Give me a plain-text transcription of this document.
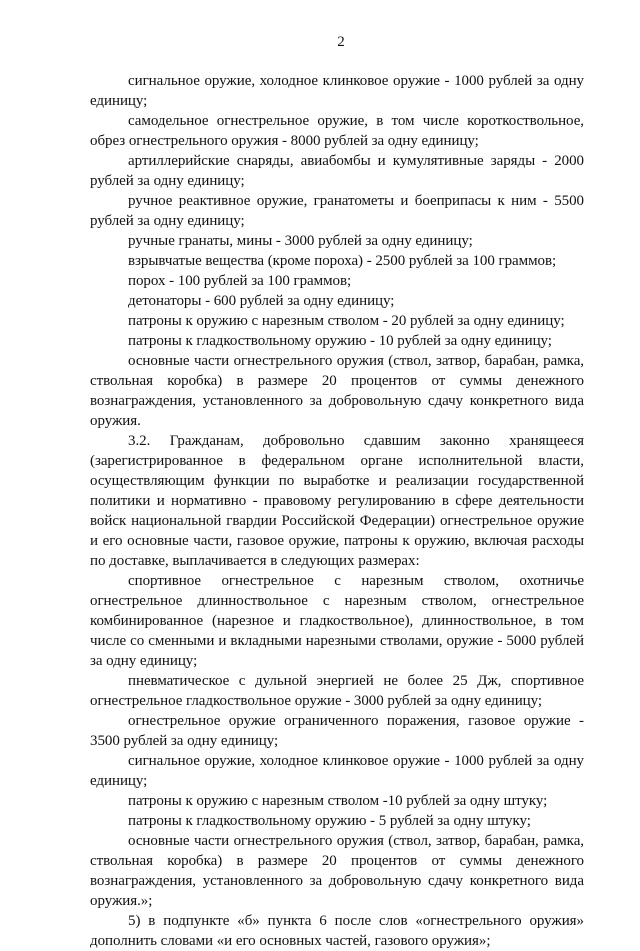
2

сигнальное оружие, холодное клинковое оружие - 1000 рублей за одну единицу;

самодельное огнестрельное оружие, в том числе короткоствольное, обрез огнестрельного оружия - 8000 рублей за одну единицу;

артиллерийские снаряды, авиабомбы и кумулятивные заряды - 2000 рублей за одну единицу;

ручное реактивное оружие, гранатометы и боеприпасы к ним - 5500 рублей за одну единицу;

ручные гранаты, мины - 3000 рублей за одну единицу;

взрывчатые вещества (кроме пороха) - 2500 рублей за 100 граммов;

порох - 100 рублей за 100 граммов;

детонаторы - 600 рублей за одну единицу;

патроны к оружию с нарезным стволом - 20 рублей за одну единицу;

патроны к гладкоствольному оружию - 10 рублей за одну единицу;

основные части огнестрельного оружия (ствол, затвор, барабан, рамка, ствольная коробка) в размере 20 процентов от суммы денежного вознаграждения, установленного за добровольную сдачу конкретного вида оружия.

3.2. Гражданам, добровольно сдавшим законно хранящееся (зарегистрированное в федеральном органе исполнительной власти, осуществляющим функции по выработке и реализации государственной политики и нормативно - правовому регулированию в сфере деятельности войск национальной гвардии Российской Федерации) огнестрельное оружие и его основные части, газовое оружие, патроны к оружию, включая расходы по доставке, выплачивается в следующих размерах:

спортивное огнестрельное с нарезным стволом, охотничье огнестрельное длинноствольное с нарезным стволом, огнестрельное комбинированное (нарезное и гладкоствольное), длинноствольное, в том числе со сменными и вкладными нарезными стволами, оружие - 5000 рублей за одну единицу;

пневматическое с дульной энергией не более 25 Дж, спортивное огнестрельное гладкоствольное оружие - 3000 рублей за одну единицу;

огнестрельное оружие ограниченного поражения, газовое оружие - 3500 рублей за одну единицу;

сигнальное оружие, холодное клинковое оружие - 1000 рублей за одну единицу;

патроны к оружию с нарезным стволом -10 рублей за одну штуку;

патроны к гладкоствольному оружию - 5 рублей за одну штуку;

основные части огнестрельного оружия (ствол, затвор, барабан, рамка, ствольная коробка) в размере 20 процентов от суммы денежного вознаграждения, установленного за добровольную сдачу конкретного вида оружия.»;

5) в подпункте «б» пункта 6 после слов «огнестрельного оружия» дополнить словами «и его основных частей, газового оружия»;
